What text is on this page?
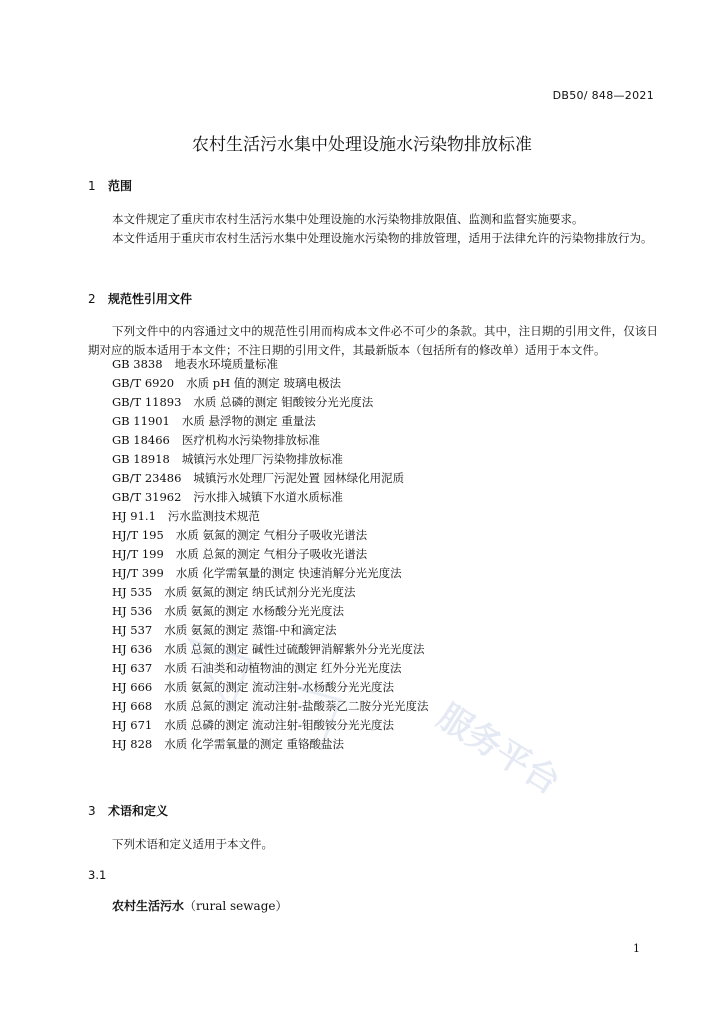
DB50/ 848—2021
农村生活污水集中处理设施水污染物排放标准
1 范围

本文件规定了重庆市农村生活污水集中处理设施的水污染物排放限值、监测和监督实施要求。

本文件适用于重庆市农村生活污水集中处理设施水污染物的排放管理，适用于法律允许的污染物排放行为。

2 规范性引用文件

下列文件中的内容通过文中的规范性引用而构成本文件必不可少的条款。其中，注日期的引用文件，仅该日期对应的版本适用于本文件；不注日期的引用文件，其最新版本（包括所有的修改单）适用于本文件。

GB 3838 地表水环境质量标准
GB/T 6920 水质 pH 值的测定 玻璃电极法
GB/T 11893 水质 总磷的测定 钼酸铵分光光度法
GB 11901 水质 悬浮物的测定 重量法
GB 18466 医疗机构水污染物排放标准
GB 18918 城镇污水处理厂污染物排放标准
GB/T 23486 城镇污水处理厂污泥处置 园林绿化用泥质
GB/T 31962 污水排入城镇下水道水质标准
HJ 91.1 污水监测技术规范
HJ/T 195 水质 氨氮的测定 气相分子吸收光谱法
HJ/T 199 水质 总氮的测定 气相分子吸收光谱法
HJ/T 399 水质 化学需氧量的测定 快速消解分光光度法
HJ 535 水质 氨氮的测定 纳氏试剂分光光度法
HJ 536 水质 氨氮的测定 水杨酸分光光度法
HJ 537 水质 氨氮的测定 蒸馏-中和滴定法
HJ 636 水质 总氮的测定 碱性过硫酸钾消解紫外分光光度法
HJ 637 水质 石油类和动植物油的测定 红外分光光度法
HJ 666 水质 氨氮的测定 流动注射-水杨酸分光光度法
HJ 668 水质 总氮的测定 流动注射-盐酸萘乙二胺分光光度法
HJ 671 水质 总磷的测定 流动注射-钼酸铵分光光度法
HJ 828 水质 化学需氧量的测定 重铬酸盐法
3 术语和定义

下列术语和定义适用于本文件。

3.1
农村生活污水（rural sewage）
1
服务平台
